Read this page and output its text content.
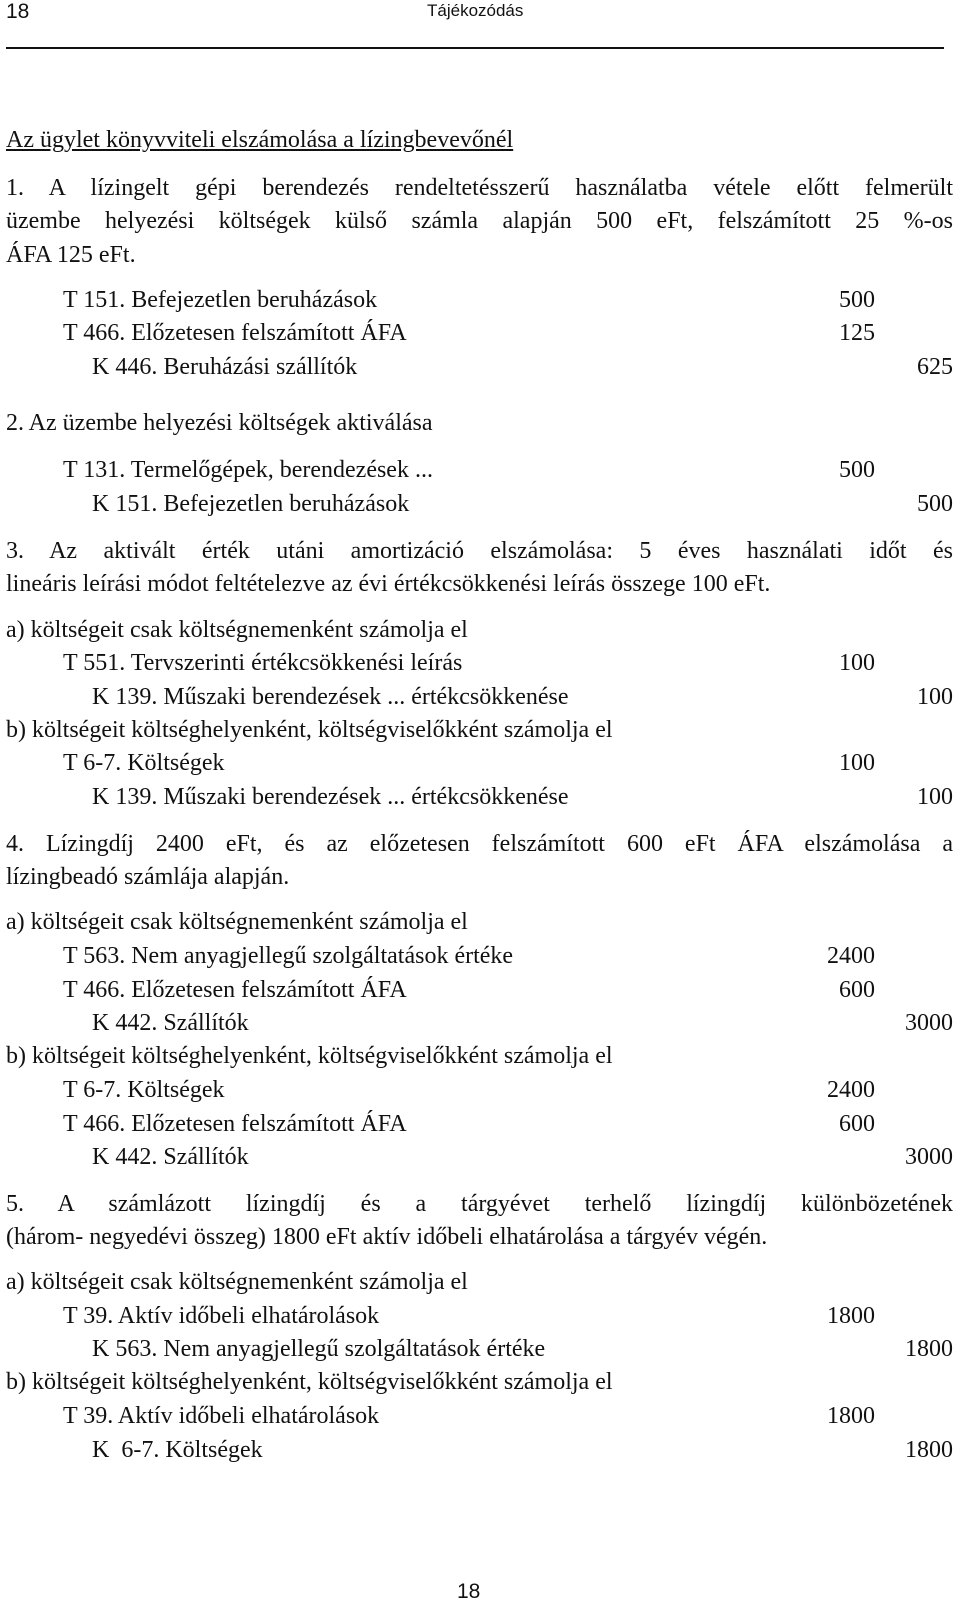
18	Tájékozódás
Az ügylet könyvviteli elszámolása a lízingbevevőnél
1. A lízingelt gépi berendezés rendeltetésszerű használatba vétele előtt felmerült
üzembe helyezési költségek külső számla alapján 500 eFt, felszámított 25 %-os
ÁFA 125 eFt.
T 151. Befejezetlen beruházások	500
T 466. Előzetesen felszámított ÁFA	125
K 446. Beruházási szállítók	625
2. Az üzembe helyezési költségek aktiválása
T 131. Termelőgépek, berendezések ...	500
K 151. Befejezetlen beruházások	500
3. Az aktivált érték utáni amortizáció elszámolása: 5 éves használati időt és
lineáris leírási módot feltételezve az évi értékcsökkenési leírás összege 100 eFt.
a) költségeit csak költségnemenként számolja el
T 551. Tervszerinti értékcsökkenési leírás	100
K 139. Műszaki berendezések ... értékcsökkenése	100
b) költségeit költséghelyenként, költségviselőkként számolja el
T 6-7. Költségek	100
K 139. Műszaki berendezések ... értékcsökkenése	100
4. Lízingdíj 2400 eFt, és az előzetesen felszámított 600 eFt ÁFA elszámolása a
lízingbeadó számlája alapján.
a) költségeit csak költségnemenként számolja el
T 563. Nem anyagjellegű szolgáltatások értéke	2400
T 466. Előzetesen felszámított ÁFA	600
K 442. Szállítók	3000
b) költségeit költséghelyenként, költségviselőkként számolja el
T 6-7. Költségek	2400
T 466. Előzetesen felszámított ÁFA	600
K 442. Szállítók	3000
5. A számlázott lízingdíj és a tárgyévet terhelő lízingdíj különbözetének
(három- negyedévi összeg) 1800 eFt aktív időbeli elhatárolása a tárgyév végén.
a) költségeit csak költségnemenként számolja el
T 39. Aktív időbeli elhatárolások	1800
K 563. Nem anyagjellegű szolgáltatások értéke	1800
b) költségeit költséghelyenként, költségviselőkként számolja el
T 39. Aktív időbeli elhatárolások	1800
K  6-7. Költségek	1800
18
